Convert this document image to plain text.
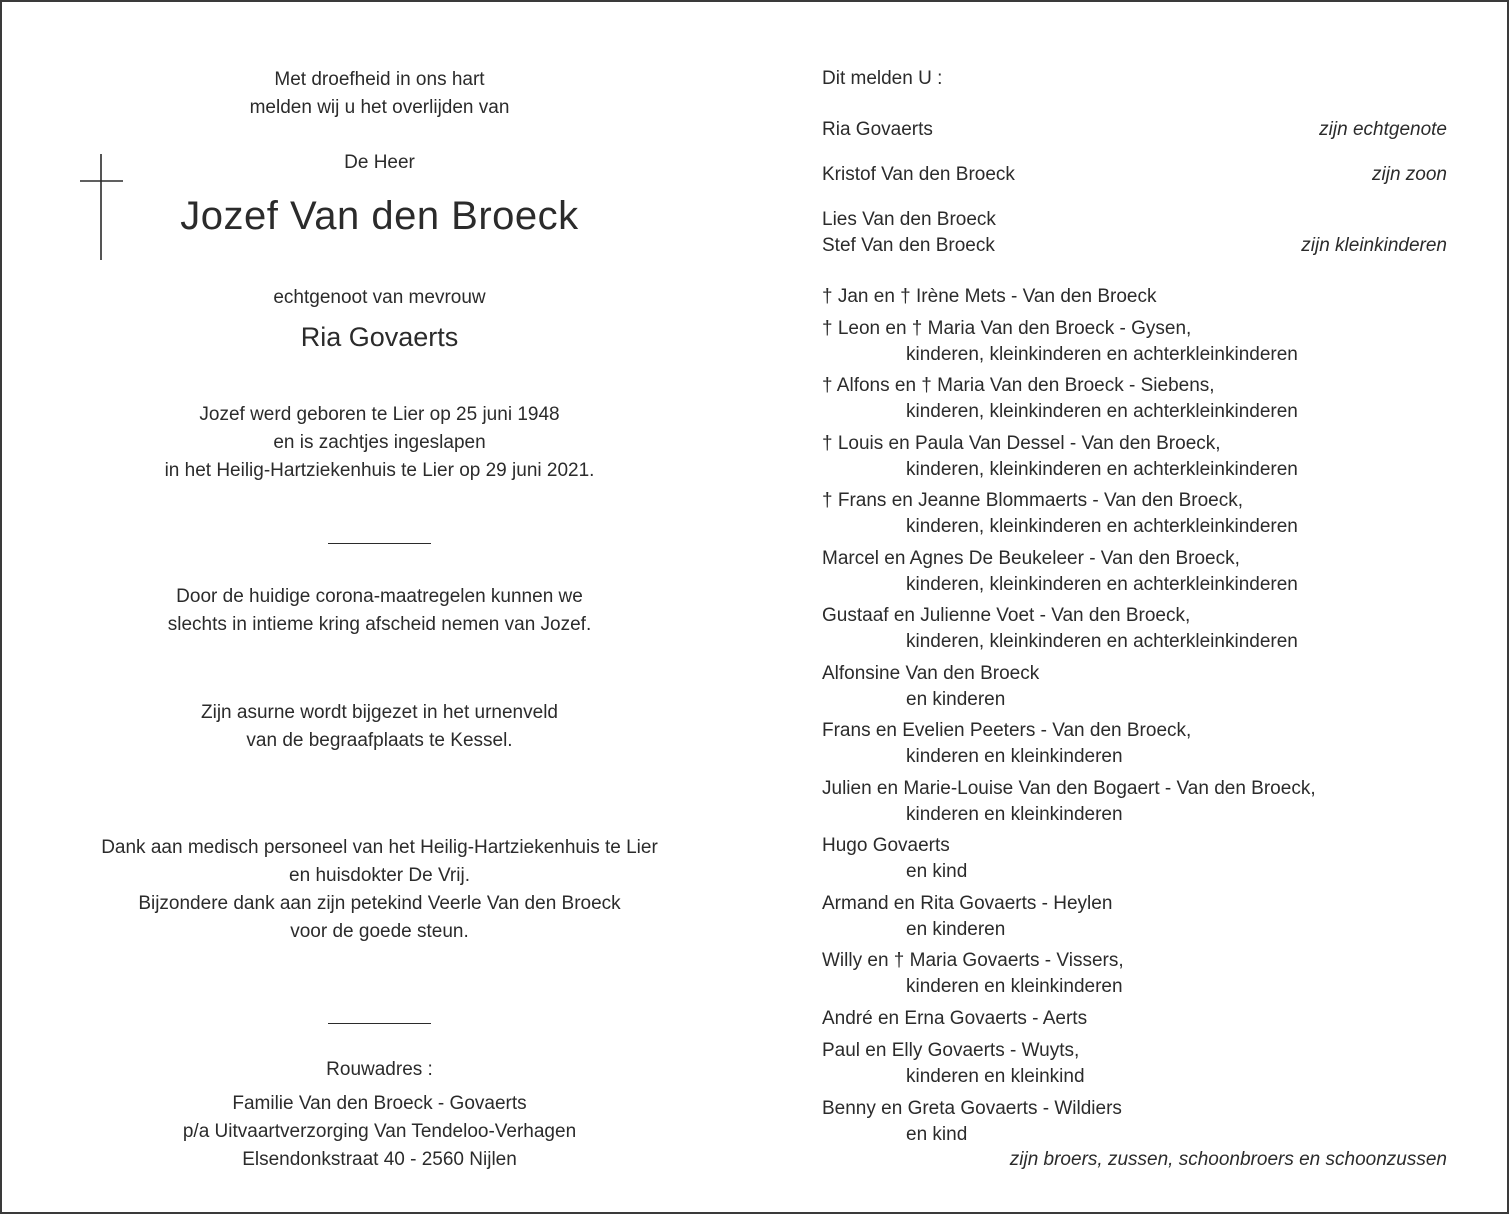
Met droefheid in ons hart
melden wij u het overlijden van

De Heer

Jozef Van den Broeck

echtgenoot van mevrouw

Ria Govaerts

Jozef werd geboren te Lier op 25 juni 1948
en is zachtjes ingeslapen
in het Heilig-Hartziekenhuis te Lier op 29 juni 2021.

Door de huidige corona-maatregelen kunnen we
slechts in intieme kring afscheid nemen van Jozef.

Zijn asurne wordt bijgezet in het urnenveld
van de begraafplaats te Kessel.

Dank aan medisch personeel van het Heilig-Hartziekenhuis te Lier
en huisdokter De Vrij.
Bijzondere dank aan zijn petekind Veerle Van den Broeck
voor de goede steun.

Rouwadres :

Familie Van den Broeck - Govaerts
p/a Uitvaartverzorging Van Tendeloo-Verhagen
Elsendonkstraat 40 - 2560 Nijlen

Dit melden U :
Ria Govaerts	zijn echtgenote
Kristof Van den Broeck	zijn zoon
Lies Van den Broeck
Stef Van den Broeck	zijn kleinkinderen
† Jan en † Irène Mets - Van den Broeck
† Leon en † Maria Van den Broeck - Gysen,
kinderen, kleinkinderen en achterkleinkinderen
† Alfons en † Maria Van den Broeck - Siebens,
kinderen, kleinkinderen en achterkleinkinderen
† Louis en Paula Van Dessel - Van den Broeck,
kinderen, kleinkinderen en achterkleinkinderen
† Frans en Jeanne Blommaerts - Van den Broeck,
kinderen, kleinkinderen en achterkleinkinderen
Marcel en Agnes De Beukeleer - Van den Broeck,
kinderen, kleinkinderen en achterkleinkinderen
Gustaaf en Julienne Voet - Van den Broeck,
kinderen, kleinkinderen en achterkleinkinderen
Alfonsine Van den Broeck
en kinderen
Frans en Evelien Peeters - Van den Broeck,
kinderen en kleinkinderen
Julien en Marie-Louise Van den Bogaert - Van den Broeck,
kinderen en kleinkinderen
Hugo Govaerts
en kind
Armand en Rita Govaerts - Heylen
en kinderen
Willy en † Maria Govaerts - Vissers,
kinderen en kleinkinderen
André en Erna Govaerts - Aerts
Paul en Elly Govaerts - Wuyts,
kinderen en kleinkind
Benny en Greta Govaerts - Wildiers
en kind
zijn broers, zussen, schoonbroers en schoonzussen
